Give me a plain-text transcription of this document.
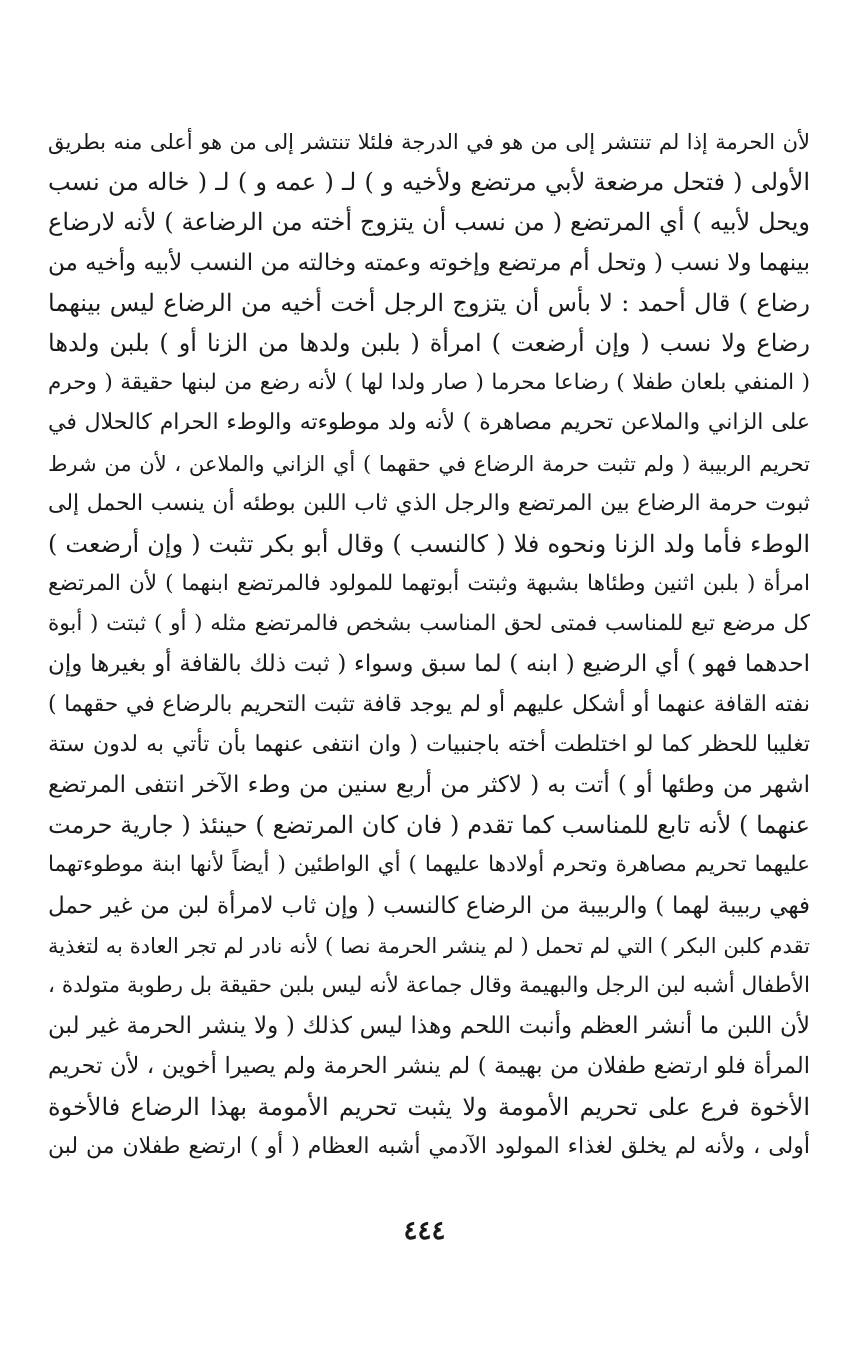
لأن الحرمة إذا لم تنتشر إلى من هو في الدرجة فلئلا تنتشر إلى من هو أعلى منه بطريق
الأولى ( فتحل مرضعة لأبي مرتضع ولأخيه و ) لـ ( عمه و ) لـ ( خاله من نسب
ويحل لأبيه ) أي المرتضع ( من نسب أن يتزوج أخته من الرضاعة ) لأنه لارضاع
بينهما ولا نسب ( وتحل أم مرتضع وإخوته وعمته وخالته من النسب لأبيه وأخيه من
رضاع ) قال أحمد : لا بأس أن يتزوج الرجل أخت أخيه من الرضاع ليس بينهما
رضاع ولا نسب ( وإن أرضعت ) امرأة ( بلبن ولدها من الزنا أو ) بلبن ولدها
( المنفي بلعان طفلا ) رضاعا محرما ( صار ولدا لها ) لأنه رضع من لبنها حقيقة ( وحرم
على الزاني والملاعن تحريم مصاهرة ) لأنه ولد موطوءته والوطء الحرام كالحلال في
تحريم الربيبة ( ولم تثبت حرمة الرضاع في حقهما ) أي الزاني والملاعن ، لأن من شرط
ثبوت حرمة الرضاع بين المرتضع والرجل الذي ثاب اللبن بوطئه أن ينسب الحمل إلى
الوطء فأما ولد الزنا ونحوه فلا ( كالنسب ) وقال أبو بكر تثبت ( وإن أرضعت )
امرأة ( بلبن اثنين وطئاها بشبهة وثبتت أبوتهما للمولود فالمرتضع ابنهما ) لأن المرتضع
كل مرضع تبع للمناسب فمتى لحق المناسب بشخص فالمرتضع مثله ( أو ) ثبتت ( أبوة
احدهما فهو ) أي الرضيع ( ابنه ) لما سبق وسواء ( ثبت ذلك بالقافة أو بغيرها وإن
نفته القافة عنهما أو أشكل عليهم أو لم يوجد قافة تثبت التحريم بالرضاع في حقهما )
تغليبا للحظر كما لو اختلطت أخته باجنبيات ( وان انتفى عنهما بأن تأتي به لدون ستة
اشهر من وطئها أو ) أتت به ( لاكثر من أربع سنين من وطء الآخر انتفى المرتضع
عنهما ) لأنه تابع للمناسب كما تقدم ( فان كان المرتضع ) حينئذ ( جارية حرمت
عليهما تحريم مصاهرة وتحرم أولادها عليهما ) أي الواطئين ( أيضاً لأنها ابنة موطوءتهما
فهي ربيبة لهما ) والربيبة من الرضاع كالنسب ( وإن ثاب لامرأة لبن من غير حمل
تقدم كلبن البكر ) التي لم تحمل ( لم ينشر الحرمة نصا ) لأنه نادر لم تجر العادة به لتغذية
الأطفال أشبه لبن الرجل والبهيمة وقال جماعة لأنه ليس بلبن حقيقة بل رطوبة متولدة ،
لأن اللبن ما أنشر العظم وأنبت اللحم وهذا ليس كذلك ( ولا ينشر الحرمة غير لبن
المرأة فلو ارتضع طفلان من بهيمة ) لم ينشر الحرمة ولم يصيرا أخوين ، لأن تحريم
الأخوة فرع على تحريم الأمومة ولا يثبت تحريم الأمومة بهذا الرضاع فالأخوة
أولى ، ولأنه لم يخلق لغذاء المولود الآدمي أشبه العظام ( أو ) ارتضع طفلان من لبن
٤٤٤
